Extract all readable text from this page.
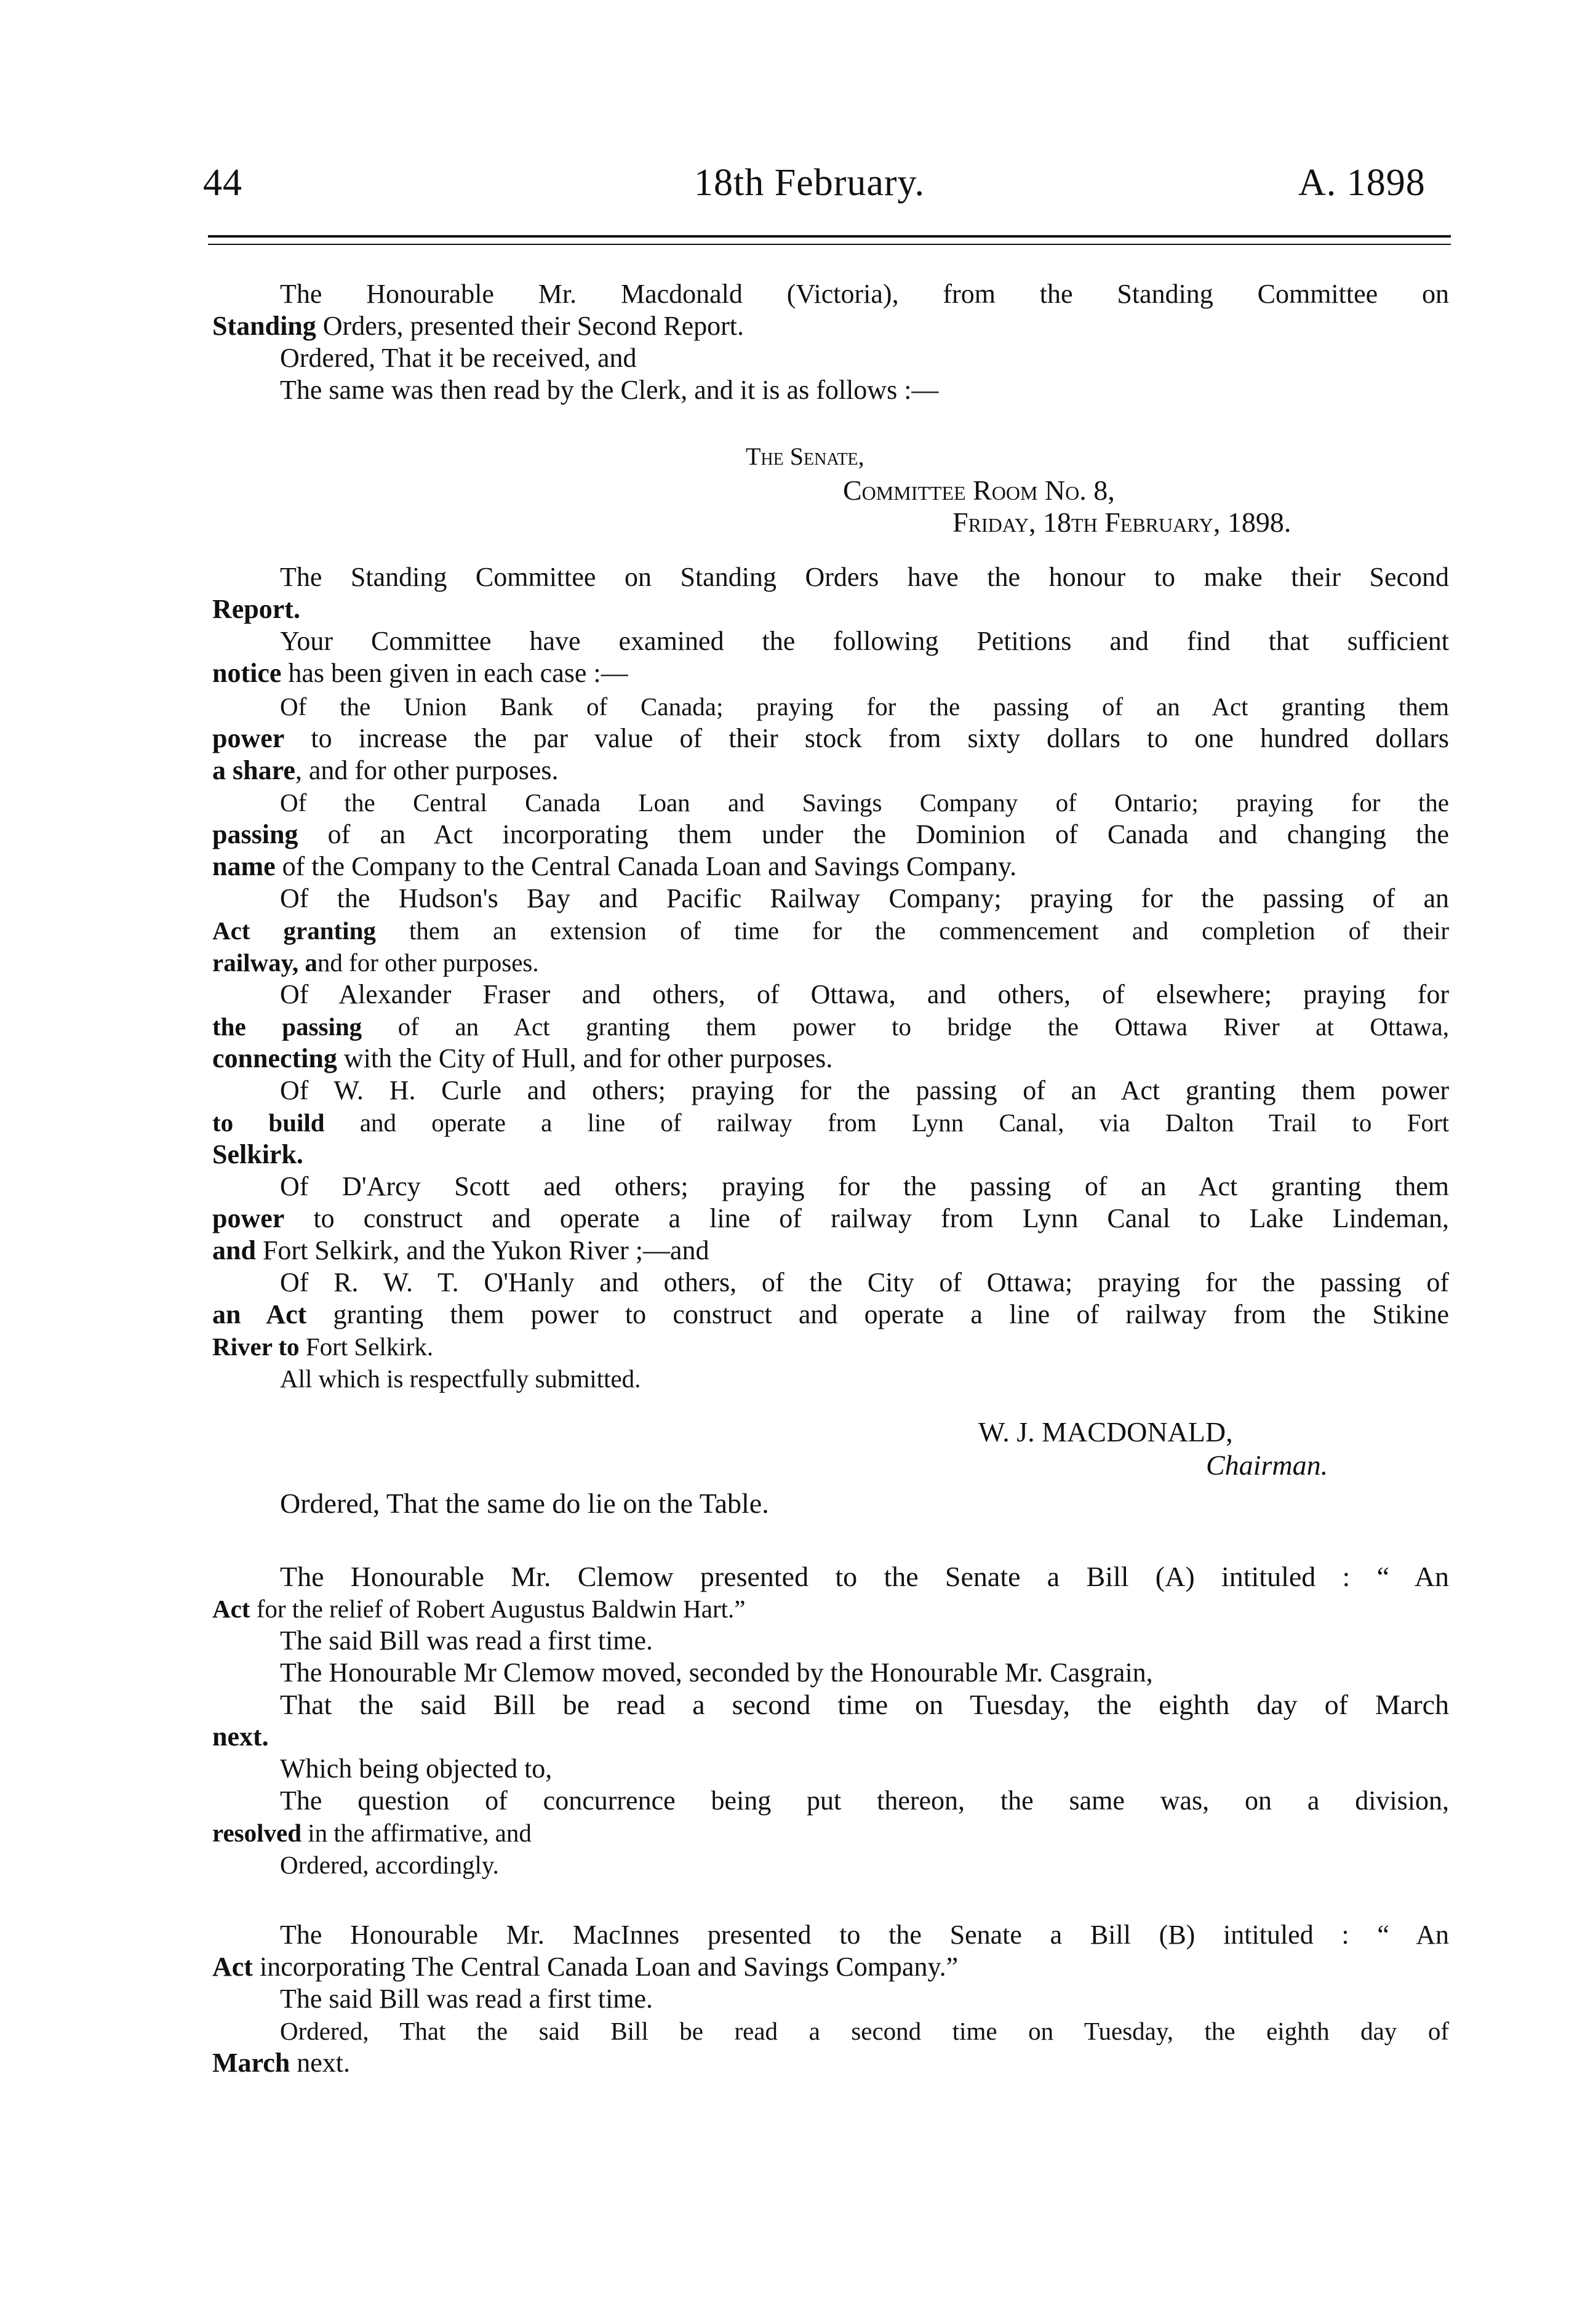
44	18th February.	A. 1898
The Honourable Mr. Macdonald (Victoria), from the Standing Committee on
Standing Orders, presented their Second Report.
Ordered, That it be received, and
The same was then read by the Clerk, and it is as follows :—
The Senate,
Committee Room No. 8,
Friday, 18th February, 1898.
The Standing Committee on Standing Orders have the honour to make their Second
Report.
Your Committee have examined the following Petitions and find that sufficient
notice has been given in each case :—
Of the Union Bank of Canada; praying for the passing of an Act granting them
power to increase the par value of their stock from sixty dollars to one hundred dollars
a share, and for other purposes.
Of the Central Canada Loan and Savings Company of Ontario; praying for the
passing of an Act incorporating them under the Dominion of Canada and changing the
name of the Company to the Central Canada Loan and Savings Company.
Of the Hudson's Bay and Pacific Railway Company; praying for the passing of an
Act granting them an extension of time for the commencement and completion of their
railway, and for other purposes.
Of Alexander Fraser and others, of Ottawa, and others, of elsewhere; praying for
the passing of an Act granting them power to bridge the Ottawa River at Ottawa,
connecting with the City of Hull, and for other purposes.
Of W. H. Curle and others; praying for the passing of an Act granting them power
to build and operate a line of railway from Lynn Canal, via Dalton Trail to Fort
Selkirk.
Of D'Arcy Scott aed others; praying for the passing of an Act granting them
power to construct and operate a line of railway from Lynn Canal to Lake Lindeman,
and Fort Selkirk, and the Yukon River ;—and
Of R. W. T. O'Hanly and others, of the City of Ottawa; praying for the passing of
an Act granting them power to construct and operate a line of railway from the Stikine
River to Fort Selkirk.
All which is respectfully submitted.
W. J. MACDONALD,
Chairman.
Ordered, That the same do lie on the Table.
The Honourable Mr. Clemow presented to the Senate a Bill (A) intituled : “ An
Act for the relief of Robert Augustus Baldwin Hart.”
The said Bill was read a first time.
The Honourable Mr Clemow moved, seconded by the Honourable Mr. Casgrain,
That the said Bill be read a second time on Tuesday, the eighth day of March
next.
Which being objected to,
The question of concurrence being put thereon, the same was, on a division,
resolved in the affirmative, and
Ordered, accordingly.
The Honourable Mr. MacInnes presented to the Senate a Bill (B) intituled : “ An
Act incorporating The Central Canada Loan and Savings Company.”
The said Bill was read a first time.
Ordered, That the said Bill be read a second time on Tuesday, the eighth day of
March next.
